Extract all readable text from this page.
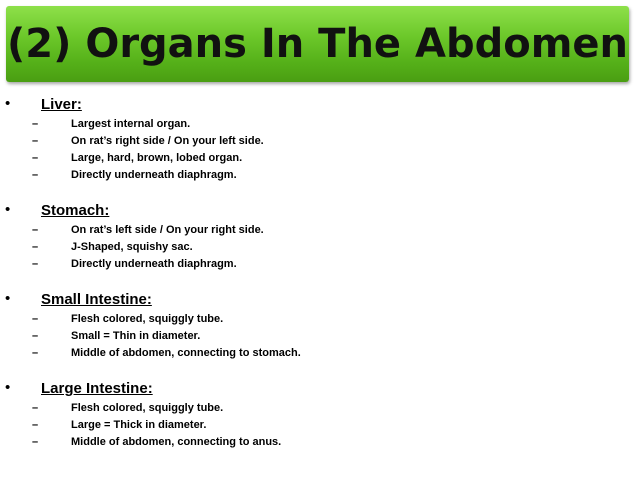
(2) Organs In The Abdomen
• Liver:
–	Largest internal organ.
–	On rat’s right side / On your left side.
–	Large, hard, brown, lobed organ.
–	Directly underneath diaphragm.
• Stomach:
–	On rat’s left side / On your right side.
–	J-Shaped, squishy sac.
–	Directly underneath diaphragm.
• Small Intestine:
–	Flesh colored, squiggly tube.
–	Small = Thin in diameter.
–	Middle of abdomen, connecting to stomach.
• Large Intestine:
–	Flesh colored, squiggly tube.
–	Large = Thick in diameter.
–	Middle of abdomen, connecting to anus.
